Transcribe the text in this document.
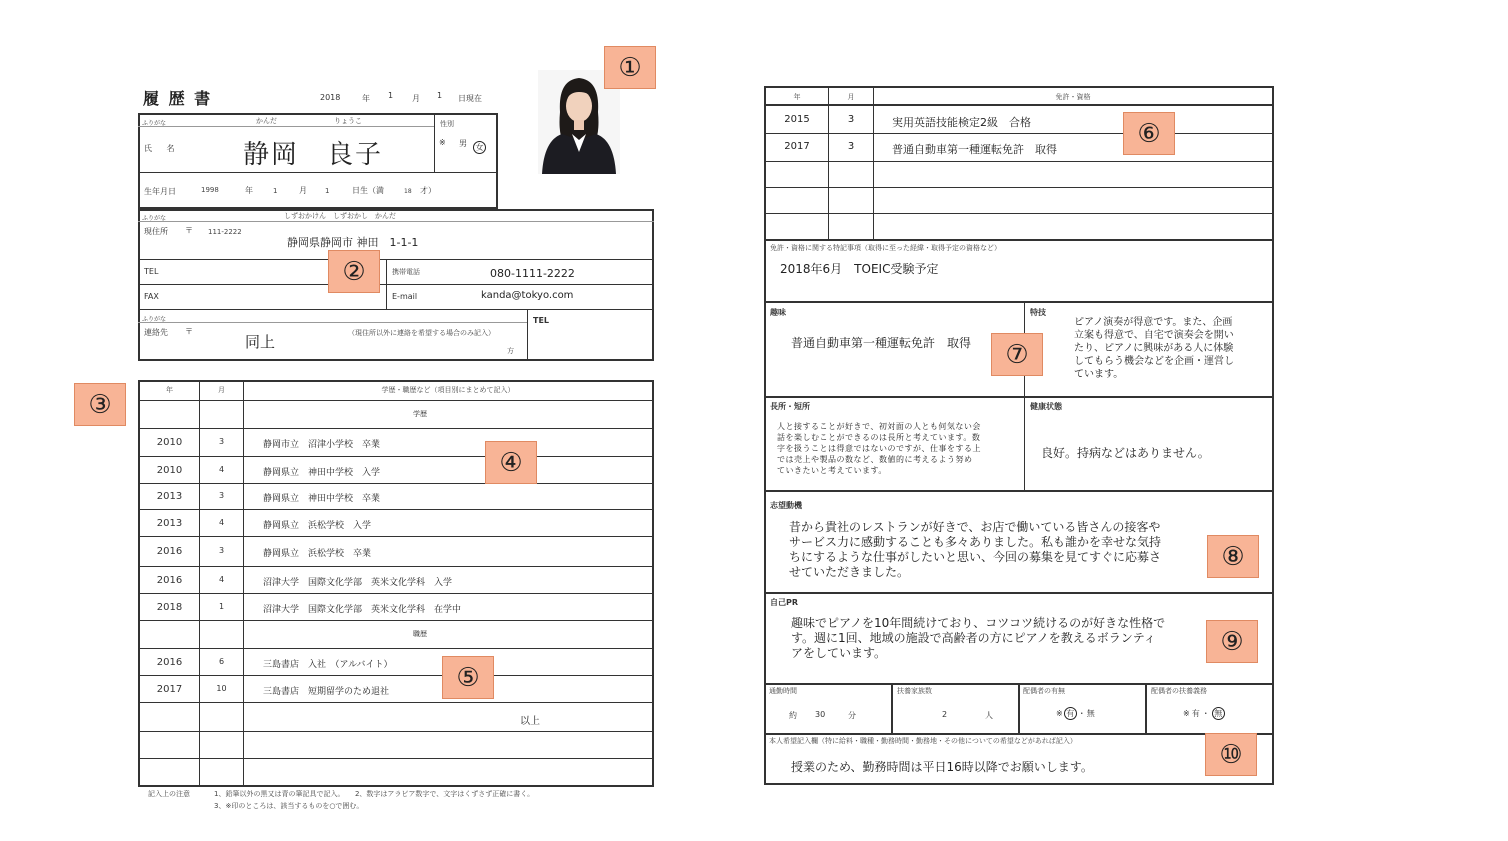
履 歴 書	2018	年 1 月 1 日現在
ふりがな	かんだ	りょうこ
氏 名 静岡　良子
性別
※ 男	女
生年月日	1998	年	1	月	1	日生（満	18 才）
ふりがな	しずおかけん　しずおかし　かんだ
現住所 〒 111-2222
静岡県静岡市 神田　1-1-1
TEL	携帯電話	080-1111-2222
FAX	E-mail	kanda@tokyo.com
ふりがな
連絡先 〒
同上	（現住所以外に連絡を希望する場合のみ記入）
方
TEL
年	月	学歴・職歴など（項目別にまとめて記入）
学歴
2010	3	静岡市立　沼津小学校　卒業
2010	4	静岡県立　神田中学校　入学
2013	3	静岡県立　神田中学校　卒業
2013	4	静岡県立　浜松学校　入学
2016	3	静岡県立　浜松学校　卒業
2016	4	沼津大学　国際文化学部　英米文化学科　入学
2018	1	沼津大学　国際文化学部　英米文化学科　在学中
職歴
2016	6	三島書店　入社　（アルバイト）
2017	10	三島書店　短期留学のため退社
以上
記入上の注意	1、鉛筆以外の黒又は青の筆記具で記入。　　2、数字はアラビア数字で、文字はくずさず正確に書く。
3、※印のところは、該当するものを○で囲む。
年	月	免許・資格
2015	3	実用英語技能検定2級　合格
2017	3	普通自動車第一種運転免許　取得
免許・資格に関する特記事項（取得に至った経緯・取得予定の資格など）
2018年6月　TOEIC受験予定
趣味
普通自動車第一種運転免許　取得
特技
ピアノ演奏が得意です。また、企画
立案も得意で、自宅で演奏会を開い
たり、ピアノに興味がある人に体験
してもらう機会などを企画・運営し
ています。
長所・短所
人と接することが好きで、初対面の人とも何気ない会
話を楽しむことができるのは長所と考えています。数
字を扱うことは得意ではないのですが、仕事をする上
では売上や製品の数など、数値的に考えるよう努め
ていきたいと考えています。
健康状態
良好。持病などはありません。
志望動機
昔から貴社のレストランが好きで、お店で働いている皆さんの接客や
サービス力に感動することも多々ありました。私も誰かを幸せな気持
ちにするような仕事がしたいと思い、今回の募集を見てすぐに応募さ
せていただきました。
自己PR
趣味でピアノを10年間続けており、コツコツ続けるのが好きな性格で
す。週に1回、地域の施設で高齢者の方にピアノを教えるボランティ
アをしています。
通勤時間
約 30	分
扶養家族数
2	人
配偶者の有無
※ 有 ・ 無
配偶者の扶養義務
※ 有 ・ 無
本人希望記入欄（特に給料・職種・勤務時間・勤務地・その他についての希望などがあれば記入）
授業のため、勤務時間は平日16時以降でお願いします。
①
②
③
④
⑤
⑥
⑦
⑧
⑨
⑩
